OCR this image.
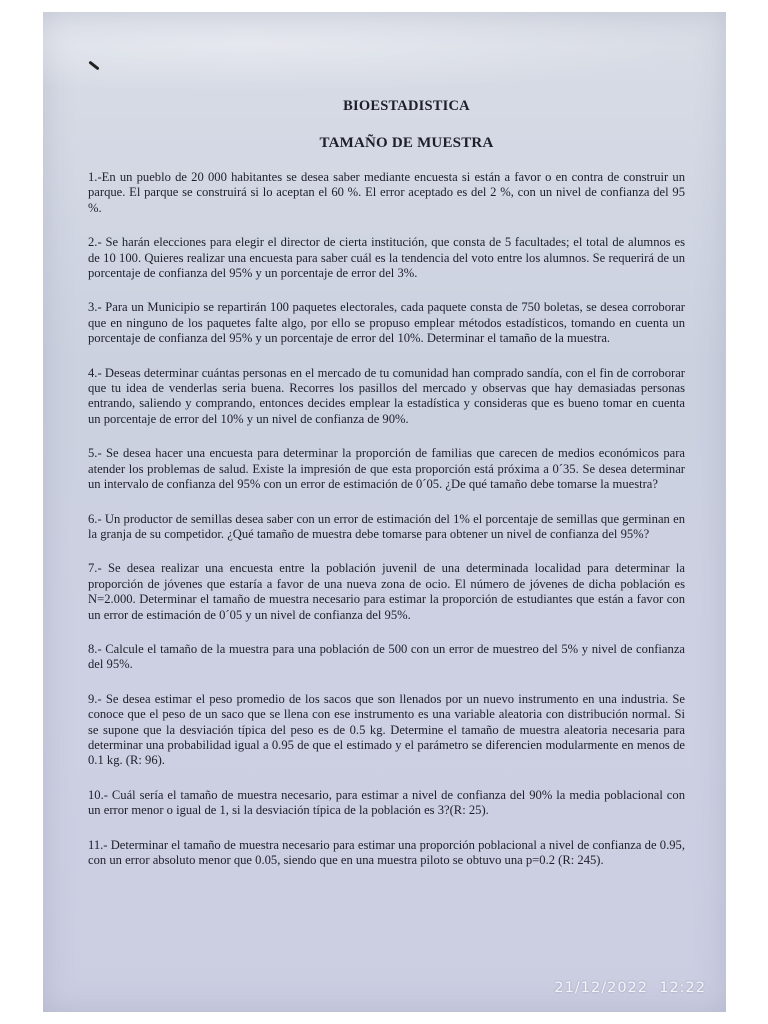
BIOESTADISTICA
TAMAÑO DE MUESTRA

1.-En un pueblo de 20 000 habitantes se desea saber mediante encuesta si están a favor o en contra de construir un parque. El parque se construirá si lo aceptan el 60 %. El error aceptado es del 2 %, con un nivel de confianza del 95 %.

2.- Se harán elecciones para elegir el director de cierta institución, que consta de 5 facultades; el total de alumnos es de 10 100. Quieres realizar una encuesta para saber cuál es la tendencia del voto entre los alumnos. Se requerirá de un porcentaje de confianza del 95% y un porcentaje de error del 3%.

3.- Para un Municipio se repartirán 100 paquetes electorales, cada paquete consta de 750 boletas, se desea corroborar que en ninguno de los paquetes falte algo, por ello se propuso emplear métodos estadísticos, tomando en cuenta un porcentaje de confianza del 95% y un porcentaje de error del 10%. Determinar el tamaño de la muestra.

4.- Deseas determinar cuántas personas en el mercado de tu comunidad han comprado sandía, con el fin de corroborar que tu idea de venderlas seria buena. Recorres los pasillos del mercado y observas que hay demasiadas personas entrando, saliendo y comprando, entonces decides emplear la estadística y consideras que es bueno tomar en cuenta un porcentaje de error del 10% y un nivel de confianza de 90%.

5.- Se desea hacer una encuesta para determinar la proporción de familias que carecen de medios económicos para atender los problemas de salud. Existe la impresión de que esta proporción está próxima a 0´35. Se desea determinar un intervalo de confianza del 95% con un error de estimación de 0´05. ¿De qué tamaño debe tomarse la muestra?

6.- Un productor de semillas desea saber con un error de estimación del 1% el porcentaje de semillas que germinan en la granja de su competidor. ¿Qué tamaño de muestra debe tomarse para obtener un nivel de confianza del 95%?

7.- Se desea realizar una encuesta entre la población juvenil de una determinada localidad para determinar la proporción de jóvenes que estaría a favor de una nueva zona de ocio. El número de jóvenes de dicha población es N=2.000. Determinar el tamaño de muestra necesario para estimar la proporción de estudiantes que están a favor con un error de estimación de 0´05 y un nivel de confianza del 95%.

8.- Calcule el tamaño de la muestra para una población de 500 con un error de muestreo del 5% y nivel de confianza del 95%.

9.- Se desea estimar el peso promedio de los sacos que son llenados por un nuevo instrumento en una industria. Se conoce que el peso de un saco que se llena con ese instrumento es una variable aleatoria con distribución normal. Si se supone que la desviación típica del peso es de 0.5 kg. Determine el tamaño de muestra aleatoria necesaria para determinar una probabilidad igual a 0.95 de que el estimado y el parámetro se diferencien modularmente en menos de 0.1 kg. (R: 96).

10.- Cuál sería el tamaño de muestra necesario, para estimar a nivel de confianza del 90% la media poblacional con un error menor o igual de 1, si la desviación típica de la población es 3?(R: 25).

11.- Determinar el tamaño de muestra necesario para estimar una proporción poblacional a nivel de confianza de 0.95, con un error absoluto menor que 0.05, siendo que en una muestra piloto se obtuvo una p=0.2 (R: 245).

21/12/2022  12:22
